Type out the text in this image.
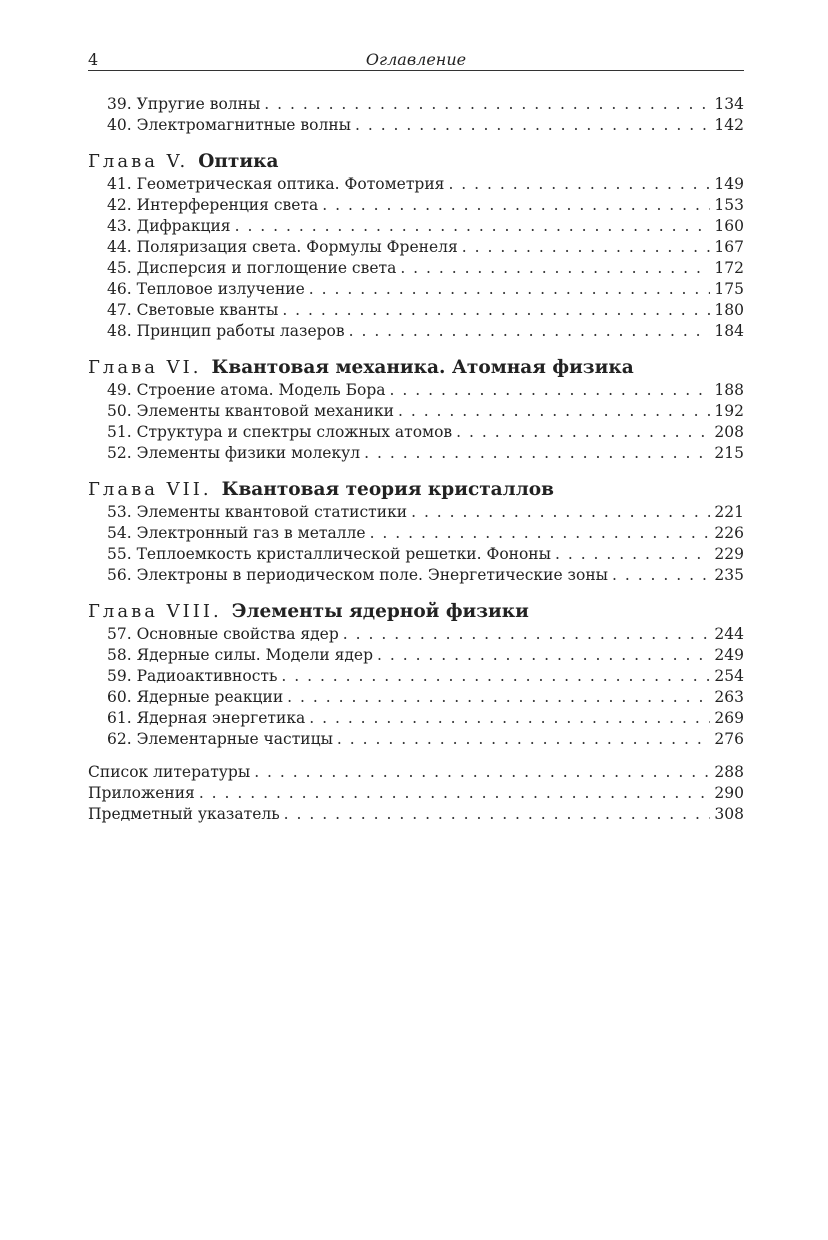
4	Оглавление
39. Упругие волны . . .	134
40. Электромагнитные волны . . .	142
Глава V. Оптика
41. Геометрическая оптика. Фотометрия . . .	149
42. Интерференция света . . .	153
43. Дифракция . . .	160
44. Поляризация света. Формулы Френеля . . .	167
45. Дисперсия и поглощение света . . .	172
46. Тепловое излучение . . .	175
47. Световые кванты . . .	180
48. Принцип работы лазеров . . .	184
Глава VI. Квантовая механика. Атомная физика
49. Строение атома. Модель Бора . . .	188
50. Элементы квантовой механики . . .	192
51. Структура и спектры сложных атомов . . .	208
52. Элементы физики молекул . . .	215
Глава VII. Квантовая теория кристаллов
53. Элементы квантовой статистики . . .	221
54. Электронный газ в металле . . .	226
55. Теплоемкость кристаллической решетки. Фононы . . .	229
56. Электроны в периодическом поле. Энергетические зоны . . .	235
Глава VIII. Элементы ядерной физики
57. Основные свойства ядер . . .	244
58. Ядерные силы. Модели ядер . . .	249
59. Радиоактивность . . .	254
60. Ядерные реакции . . .	263
61. Ядерная энергетика . . .	269
62. Элементарные частицы . . .	276
Список литературы . . .	288
Приложения . . .	290
Предметный указатель . . .	308
